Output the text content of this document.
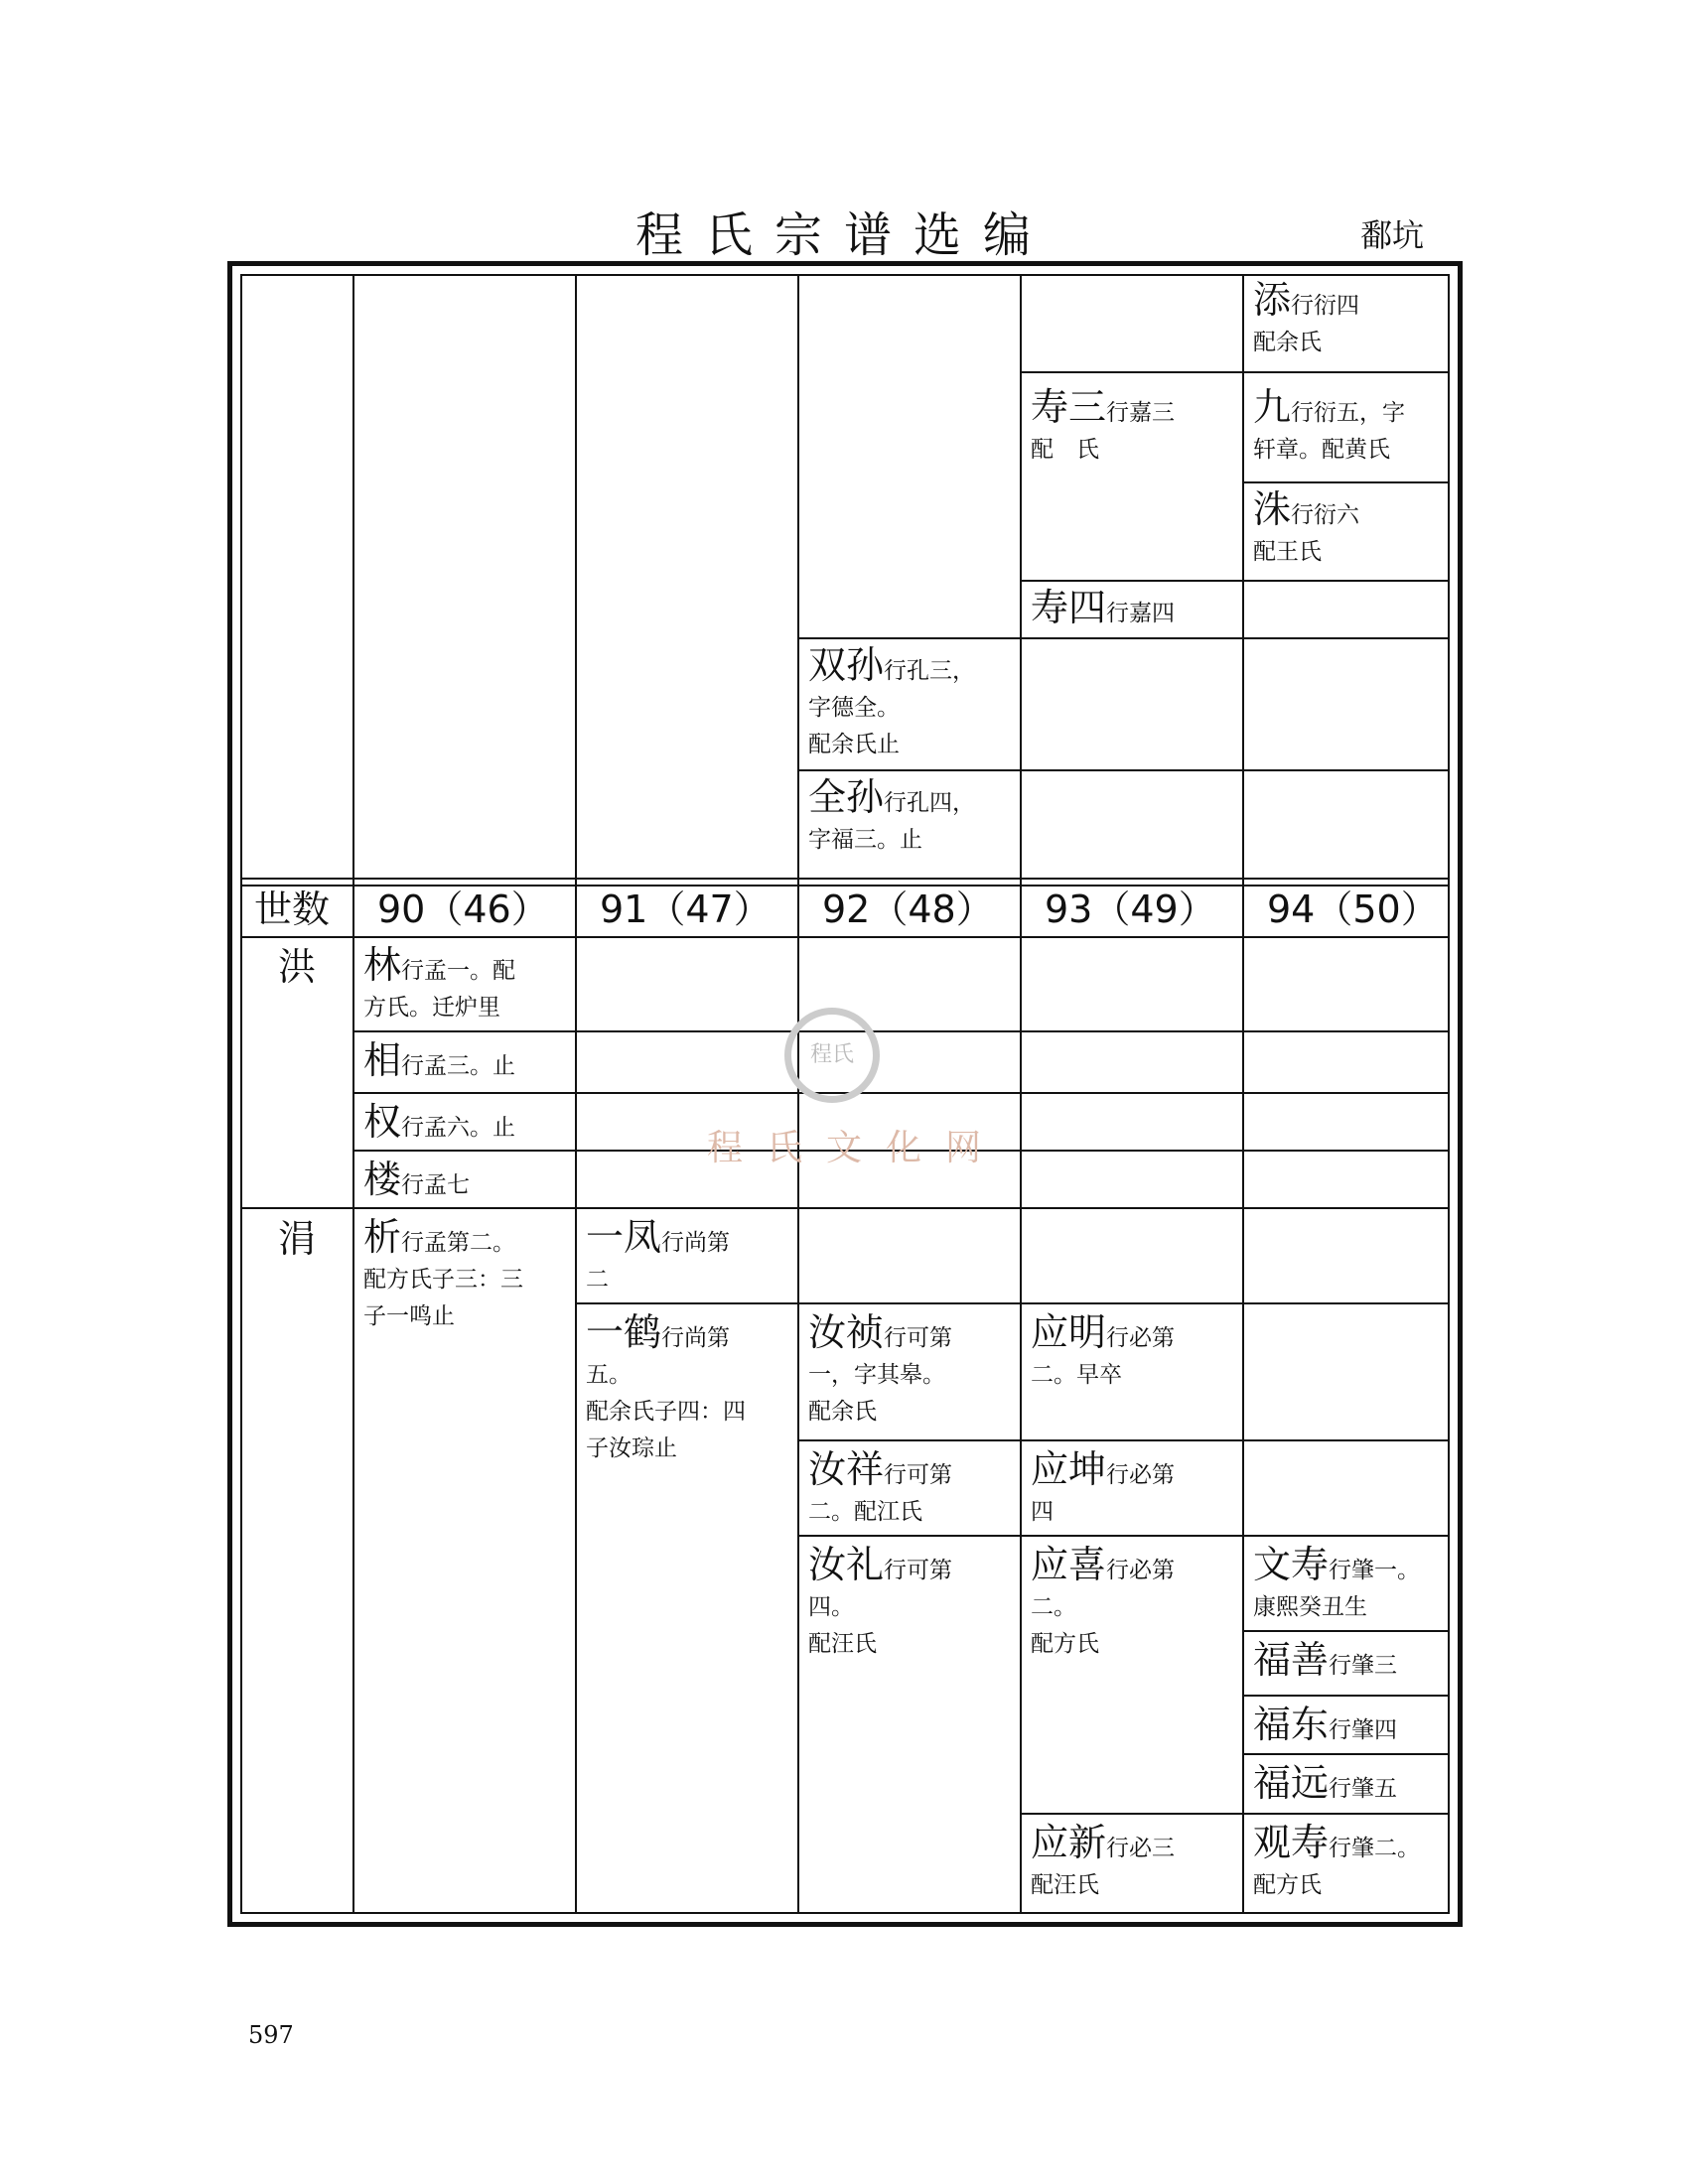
程氏宗谱选编	鄱坑
添行衍四
配余氏
寿三行嘉三
配　氏
九行衍五，字
轩章。配黄氏
洙行衍六
配王氏
寿四行嘉四
双孙行孔三，
字德全。
配余氏止
全孙行孔四，
字福三。止
世数 90（46） 91（47） 92（48） 93（49） 94（50）
洪
涓
林行孟一。配
方氏。迁炉里
相行孟三。止
权行孟六。止
楼行孟七
析行孟第二。
配方氏子三：三
子一鸣止
一凤行尚第
二
一鹤行尚第
五。
配余氏子四：四
子汝琮止
汝祯行可第
一，字其皋。
配余氏
汝祥行可第
二。配江氏
汝礼行可第
四。
配汪氏
应明行必第
二。早卒
应坤行必第
四
应喜行必第
二。
配方氏
应新行必三
配汪氏
文寿行肇一。
康熙癸丑生
福善行肇三
福东行肇四
福远行肇五
观寿行肇二。
配方氏
程氏
程氏文化网
597
